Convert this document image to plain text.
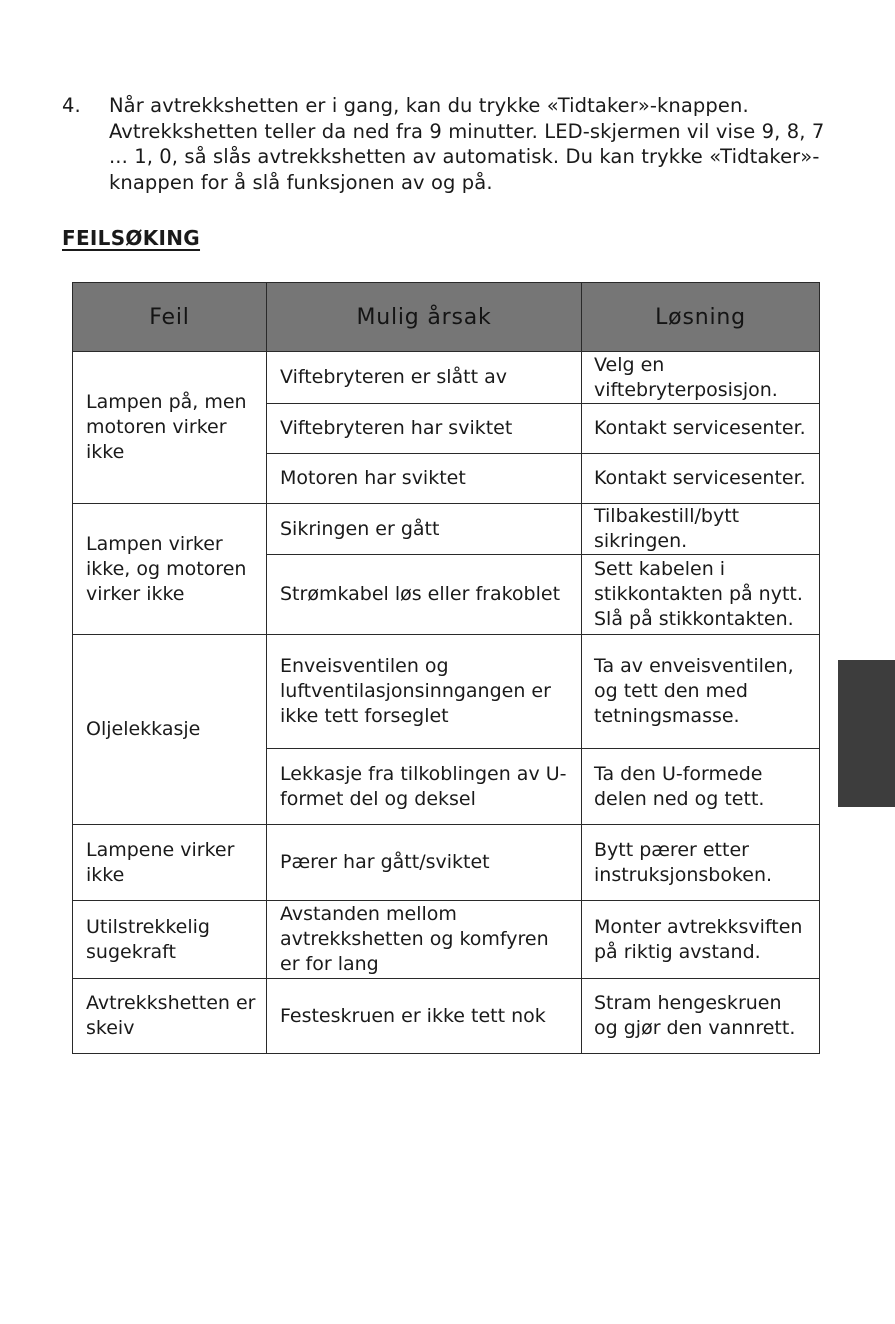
4. Når avtrekkshetten er i gang, kan du trykke «Tidtaker»-knappen. Avtrekkshetten teller da ned fra 9 minutter. LED-skjermen vil vise 9, 8, 7 ... 1, 0, så slås avtrekkshetten av automatisk. Du kan trykke «Tidtaker»-knappen for å slå funksjonen av og på.
FEILSØKING
Feil	Mulig årsak	Løsning
Lampen på, men motoren virker ikke	Viftebryteren er slått av	Velg en viftebryterposisjon.
	Viftebryteren har sviktet	Kontakt servicesenter.
	Motoren har sviktet	Kontakt servicesenter.
Lampen virker ikke, og motoren virker ikke	Sikringen er gått	Tilbakestill/bytt sikringen.
	Strømkabel løs eller frakoblet	Sett kabelen i stikkontakten på nytt. Slå på stikkontakten.
Oljelekkasje	Enveisventilen og luftventilasjonsinngangen er ikke tett forseglet	Ta av enveisventilen, og tett den med tetningsmasse.
	Lekkasje fra tilkoblingen av U-formet del og deksel	Ta den U-formede delen ned og tett.
Lampene virker ikke	Pærer har gått/sviktet	Bytt pærer etter instruksjonsboken.
Utilstrekkelig sugekraft	Avstanden mellom avtrekkshetten og komfyren er for lang	Monter avtrekksviften på riktig avstand.
Avtrekkshetten er skeiv	Festeskruen er ikke tett nok	Stram hengeskruen og gjør den vannrett.
